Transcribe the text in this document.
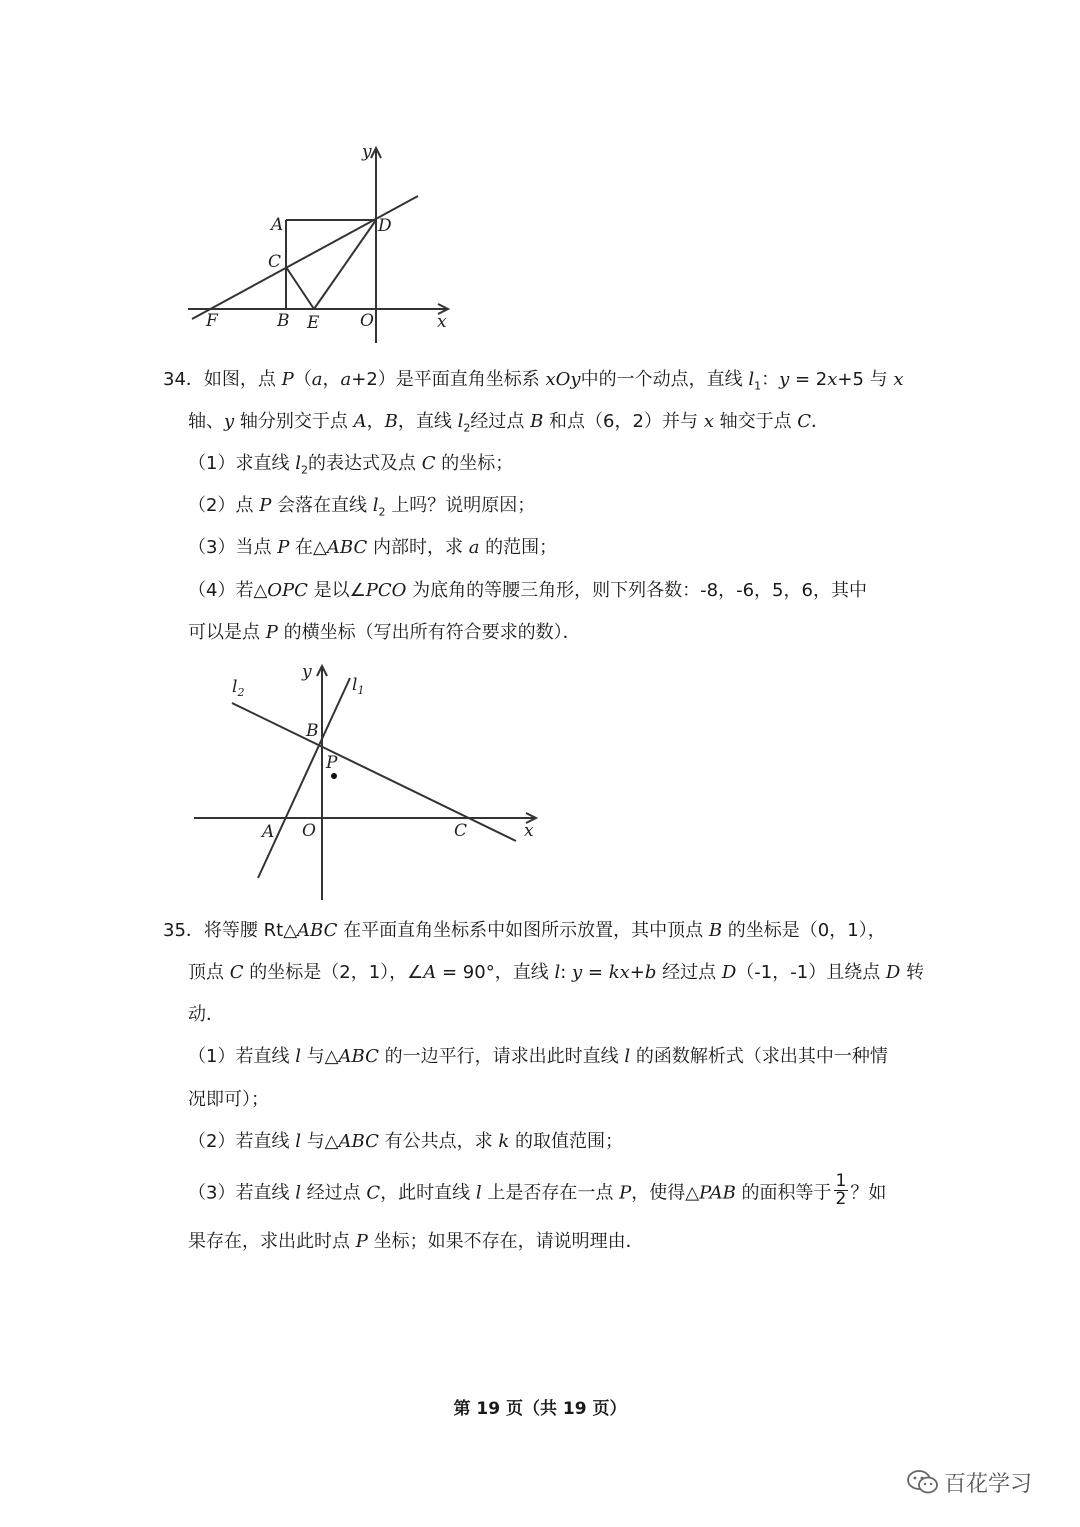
y
A	D
C
F	B E O	x
34．如图，点 P（a，a+2）是平面直角坐标系 xOy中的一个动点，直线 $l_1$：y = 2x+5 与 x
轴、y 轴分别交于点 A，B，直线 $l_2$经过点 B 和点（6，2）并与 x 轴交于点 C．
（1）求直线 $l_2$的表达式及点 C 的坐标；
（2）点 P 会落在直线 $l_2$ 上吗？说明原因；
（3）当点 P 在△ABC 内部时，求 a 的范围；
（4）若△OPC 是以∠PCO 为底角的等腰三角形，则下列各数：-8，-6，5，6，其中
可以是点 P 的横坐标（写出所有符合要求的数）．
$l_2$
y
$l_1$
B
P
A O	C	x
35．将等腰 Rt△ABC 在平面直角坐标系中如图所示放置，其中顶点 B 的坐标是（0，1），
顶点 C 的坐标是（2，1），∠A = 90°，直线 l: y = kx+b 经过点 D（-1，-1）且绕点 D 转
动．
（1）若直线 l 与△ABC 的一边平行，请求出此时直线 l 的函数解析式（求出其中一种情
况即可）；
（2）若直线 l 与△ABC 有公共点，求 k 的取值范围；
（3）若直线 l 经过点 C，此时直线 l 上是否存在一点 P，使得△PAB 的面积等于 $\frac{1}{2}$ ？如
果存在，求出此时点 P 坐标；如果不存在，请说明理由．
第 19 页（共 19 页）
百花学习
